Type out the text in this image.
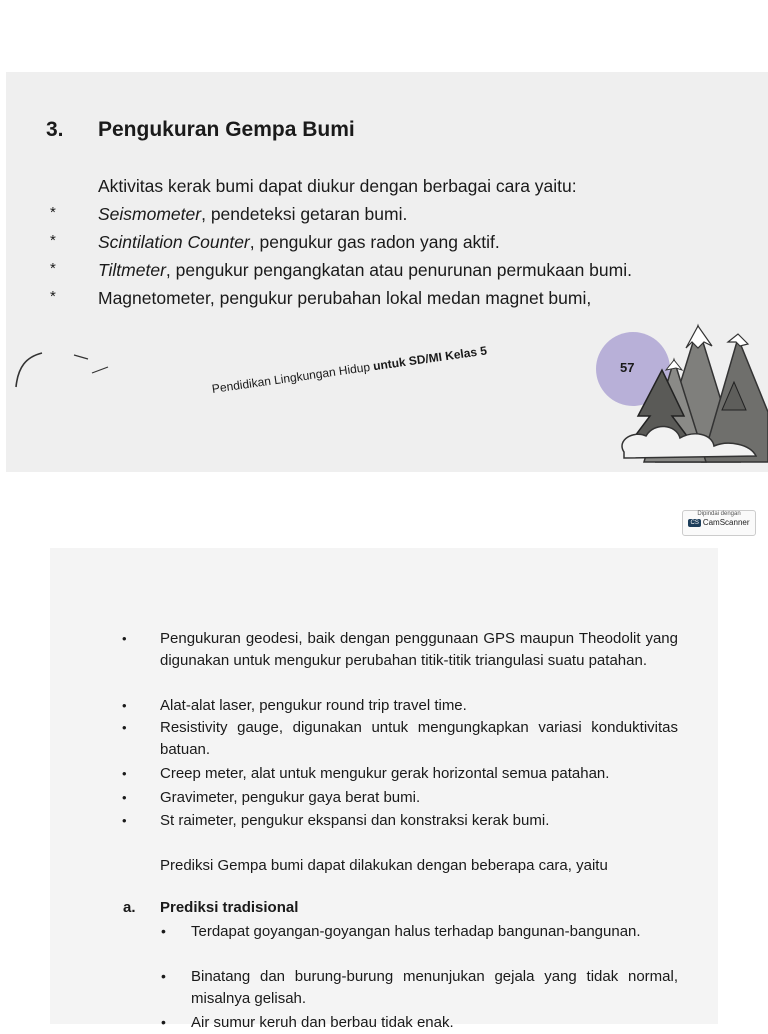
3. Pengukuran Gempa Bumi

Aktivitas kerak bumi dapat diukur dengan berbagai cara yaitu:

* Seismometer, pendeteksi getaran bumi.
* Scintilation Counter, pengukur gas radon yang aktif.
* Tiltmeter, pengukur pengangkatan atau penurunan permukaan bumi.
* Magnetometer, pengukur perubahan lokal medan magnet bumi,
Pendidikan Lingkungan Hidup untuk SD/MI Kelas 5	57
Dipindai dengan
CS CamScanner
• Pengukuran geodesi, baik dengan penggunaan GPS maupun Theodolit yang digunakan untuk mengukur perubahan titik-titik triangulasi suatu patahan.
• Alat-alat laser, pengukur round trip travel time.
• Resistivity gauge, digunakan untuk mengungkapkan variasi konduktivitas batuan.
• Creep meter, alat untuk mengukur gerak horizontal semua patahan.
• Gravimeter, pengukur gaya berat bumi.
• St raimeter, pengukur ekspansi dan konstraksi kerak bumi.

Prediksi Gempa bumi dapat dilakukan dengan beberapa cara, yaitu

a. Prediksi tradisional
• Terdapat goyangan-goyangan halus terhadap bangunan-bangunan.
• Binatang dan burung-burung menunjukan gejala yang tidak normal, misalnya gelisah.
• Air sumur keruh dan berbau tidak enak.
